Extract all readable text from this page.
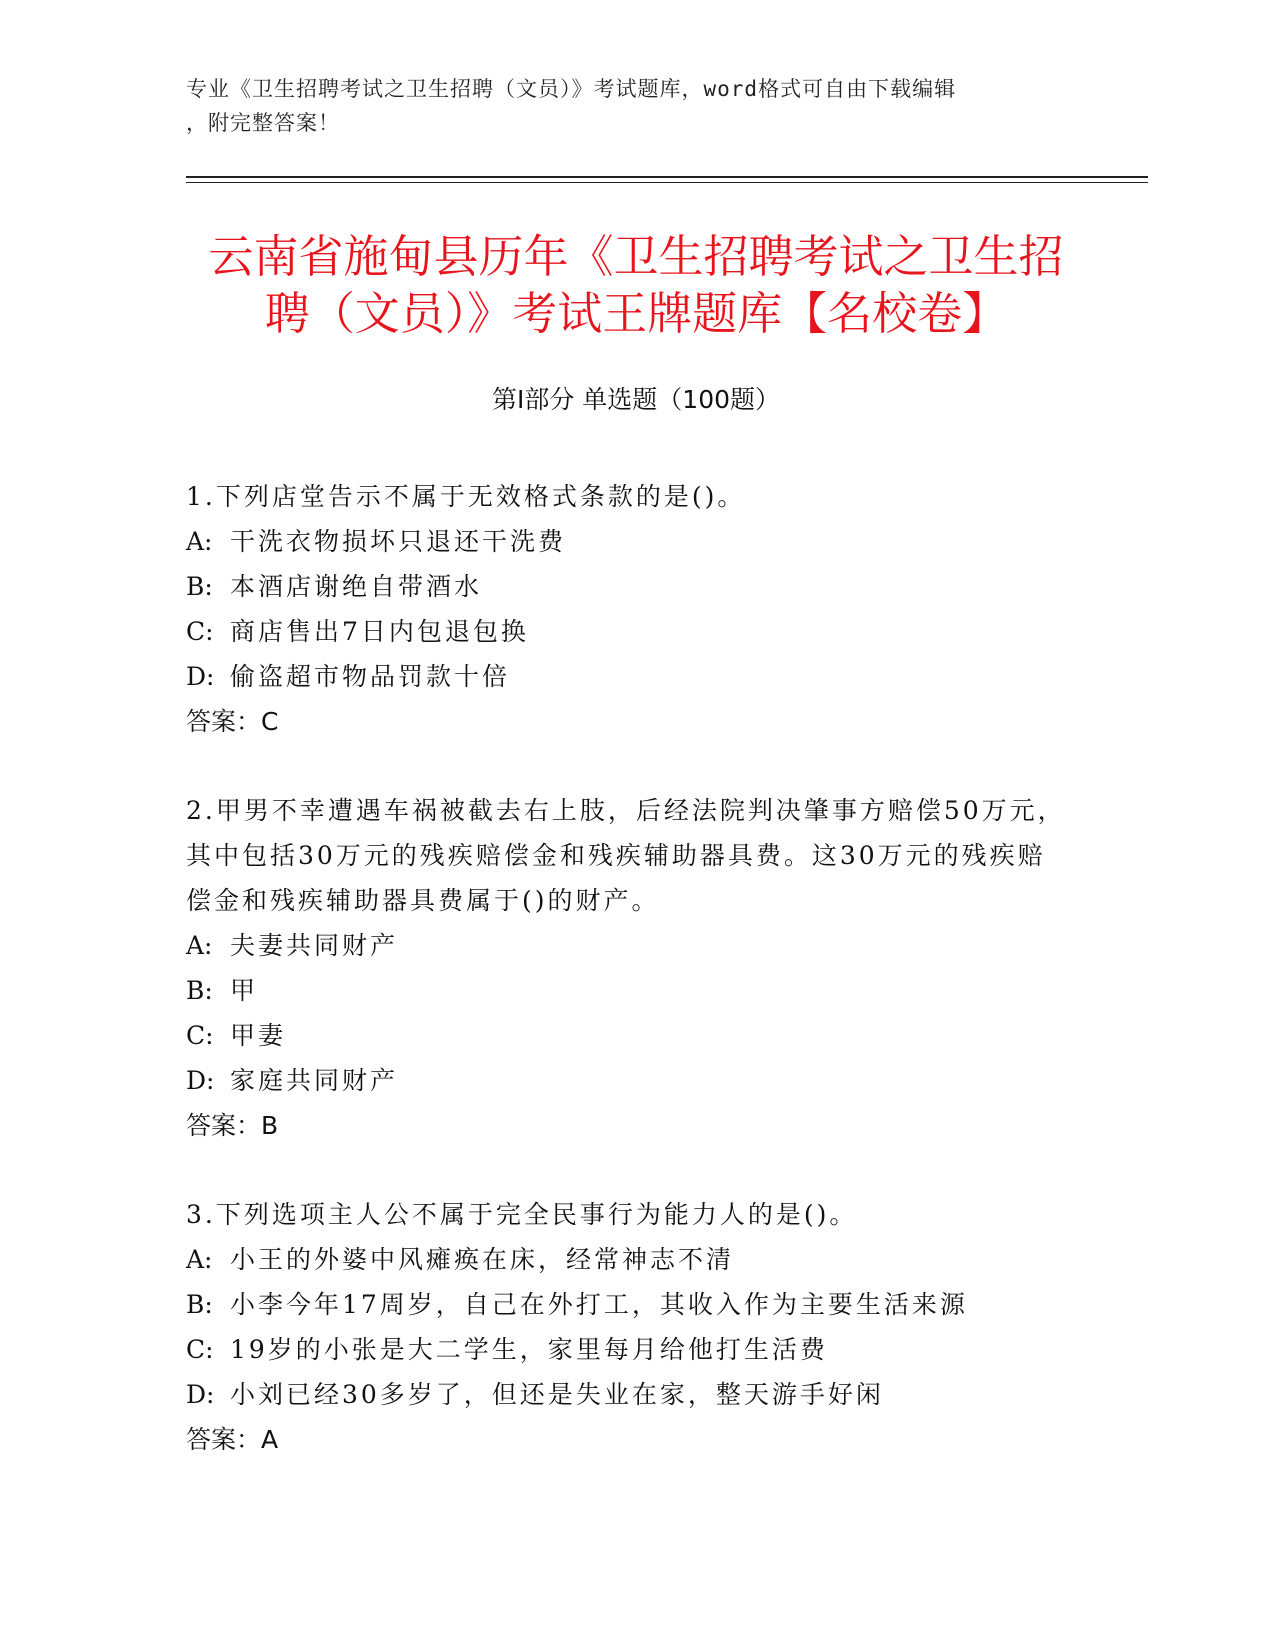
专业《卫生招聘考试之卫生招聘（文员）》考试题库，word格式可自由下载编辑
，附完整答案！
云南省施甸县历年《卫生招聘考试之卫生招
聘（文员）》考试王牌题库【名校卷】
第Ⅰ部分 单选题（100题）
1.下列店堂告示不属于无效格式条款的是()。
A: 干洗衣物损坏只退还干洗费
B: 本酒店谢绝自带酒水
C: 商店售出7日内包退包换
D: 偷盗超市物品罚款十倍
答案：C
2.甲男不幸遭遇车祸被截去右上肢，后经法院判决肇事方赔偿50万元，其中包括30万元的残疾赔偿金和残疾辅助器具费。这30万元的残疾赔偿金和残疾辅助器具费属于()的财产。
A: 夫妻共同财产
B: 甲
C: 甲妻
D: 家庭共同财产
答案：B
3.下列选项主人公不属于完全民事行为能力人的是()。
A: 小王的外婆中风瘫痪在床，经常神志不清
B: 小李今年17周岁，自己在外打工，其收入作为主要生活来源
C: 19岁的小张是大二学生，家里每月给他打生活费
D: 小刘已经30多岁了，但还是失业在家，整天游手好闲
答案：A
